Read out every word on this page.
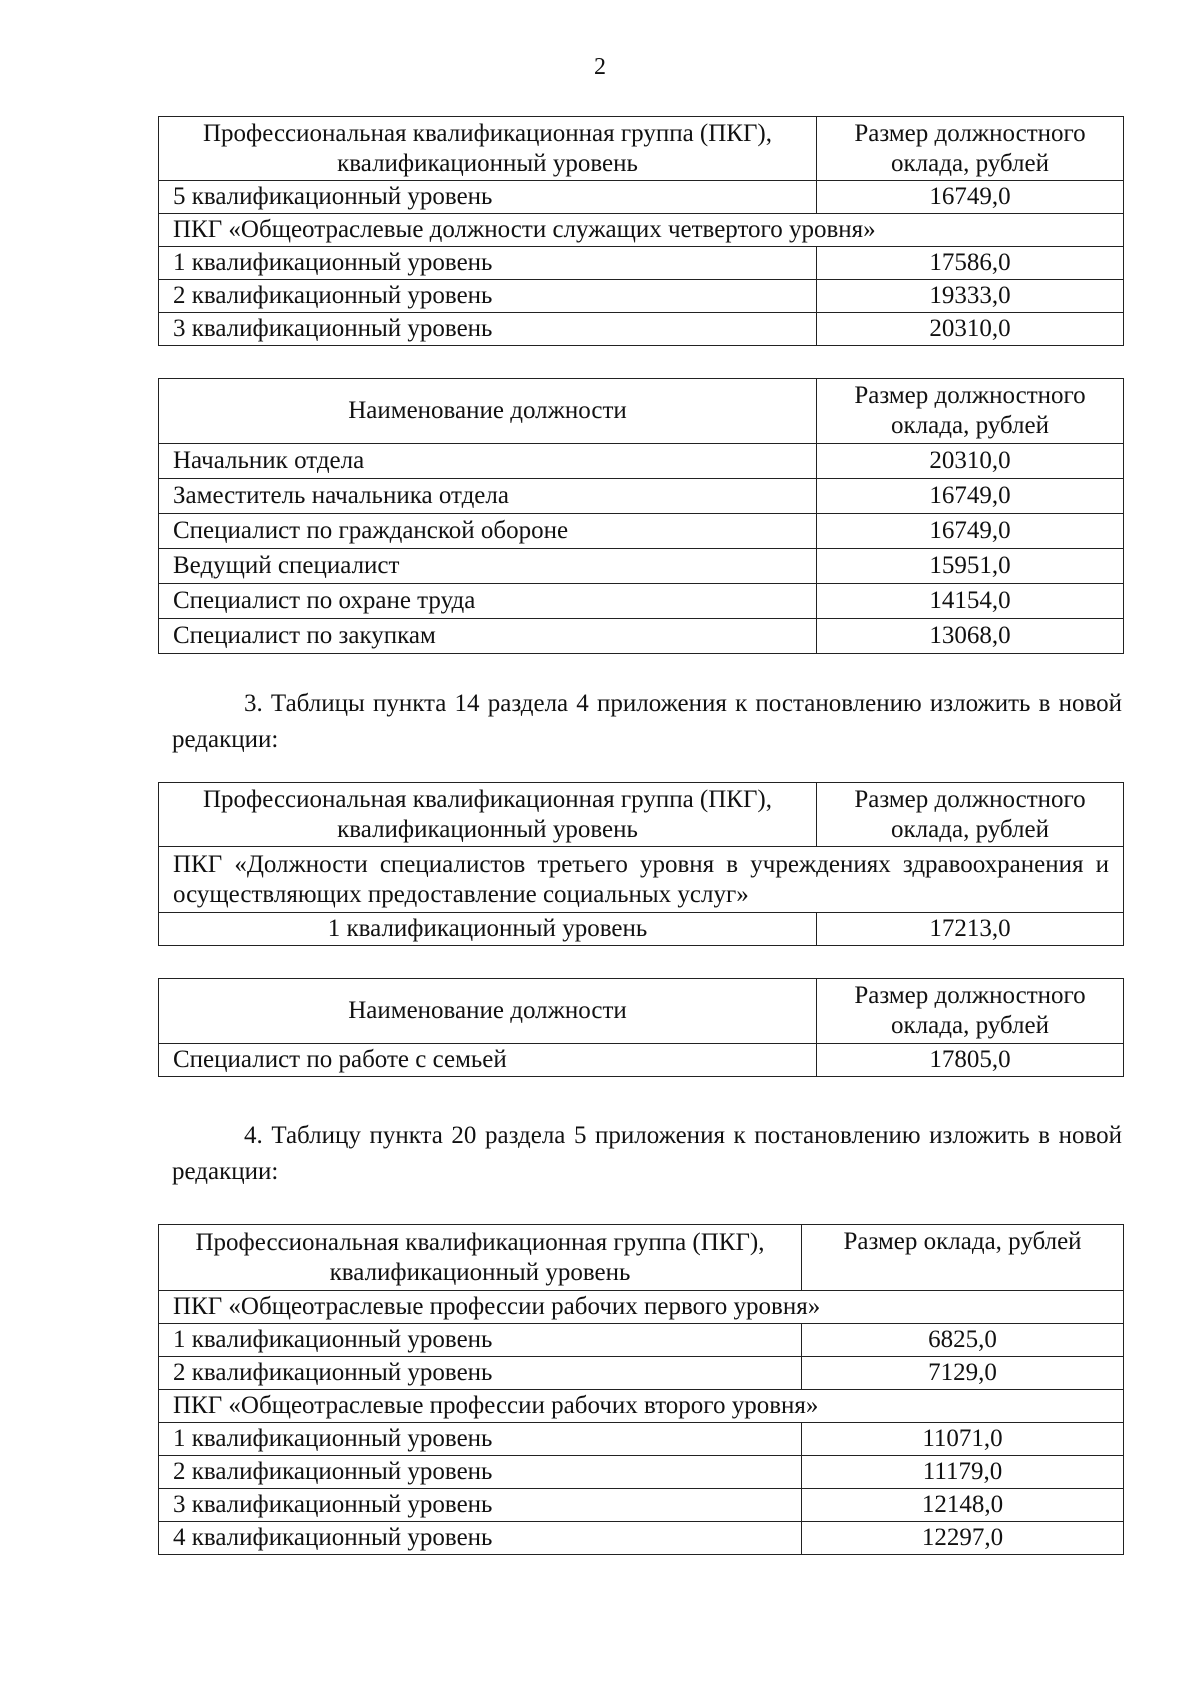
2
Профессиональная квалификационная группа (ПКГ), квалификационный уровень	Размер должностного оклада, рублей
5 квалификационный уровень	16749,0
ПКГ «Общеотраслевые должности служащих четвертого уровня»	
1 квалификационный уровень	17586,0
2 квалификационный уровень	19333,0
3 квалификационный уровень	20310,0
Наименование должности	Размер должностного оклада, рублей
Начальник отдела	20310,0
Заместитель начальника отдела	16749,0
Специалист по гражданской обороне	16749,0
Ведущий специалист	15951,0
Специалист по охране труда	14154,0
Специалист по закупкам	13068,0

3. Таблицы пункта 14 раздела 4 приложения к постановлению изложить в новой редакции:

Профессиональная квалификационная группа (ПКГ), квалификационный уровень	Размер должностного оклада, рублей
ПКГ «Должности специалистов третьего уровня в учреждениях здравоохранения и осуществляющих предоставление социальных услуг»	
1 квалификационный уровень	17213,0
Наименование должности	Размер должностного оклада, рублей
Специалист по работе с семьей	17805,0

4. Таблицу пункта 20 раздела 5 приложения к постановлению изложить в новой редакции:

Профессиональная квалификационная группа (ПКГ), квалификационный уровень	Размер оклада, рублей
ПКГ «Общеотраслевые профессии рабочих первого уровня»	
1 квалификационный уровень	6825,0
2 квалификационный уровень	7129,0
ПКГ «Общеотраслевые профессии рабочих второго уровня»	
1 квалификационный уровень	11071,0
2 квалификационный уровень	11179,0
3 квалификационный уровень	12148,0
4 квалификационный уровень	12297,0
